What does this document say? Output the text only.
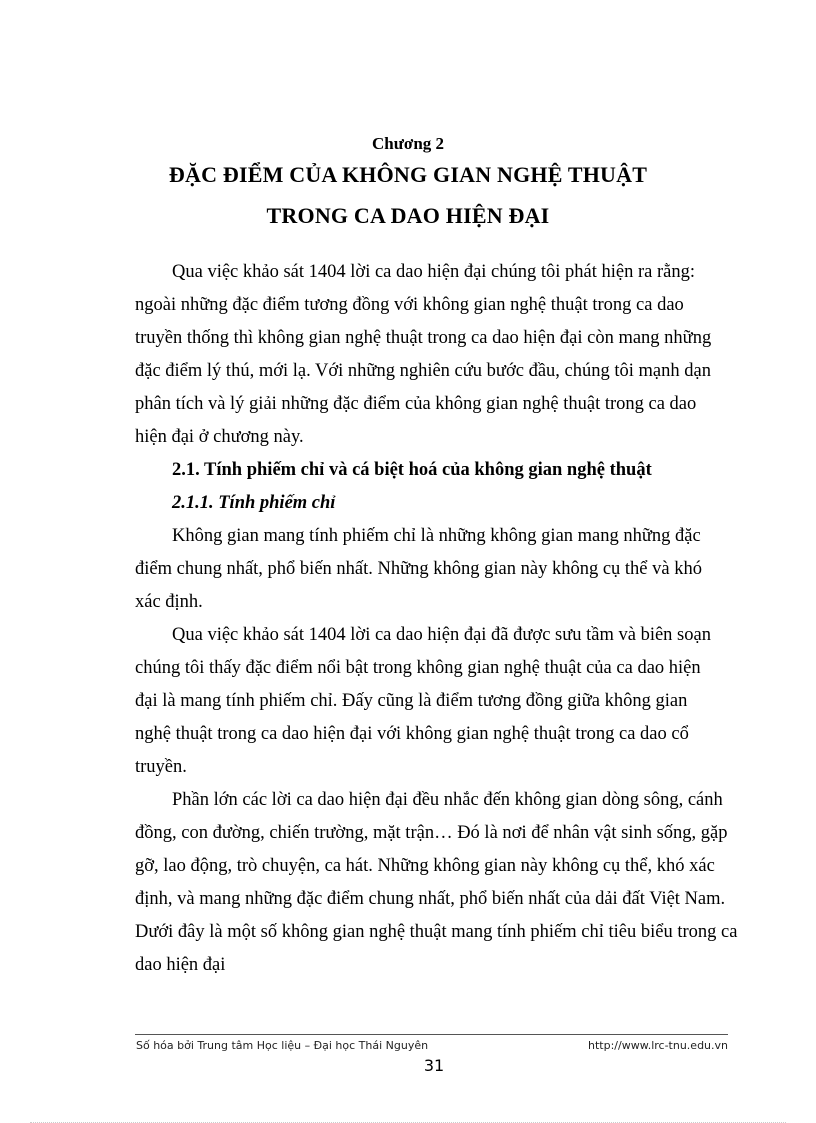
Chương 2
ĐẶC ĐIỂM CỦA KHÔNG GIAN NGHỆ THUẬT
TRONG CA DAO HIỆN ĐẠI
Qua việc khảo sát 1404 lời ca dao hiện đại chúng tôi phát hiện ra rằng:
ngoài những đặc điểm tương đồng với không gian nghệ thuật trong ca dao
truyền thống thì không gian nghệ thuật trong ca dao hiện đại còn mang những
đặc điểm lý thú, mới lạ. Với những nghiên cứu bước đầu, chúng tôi mạnh dạn
phân tích và lý giải những đặc điểm của không gian nghệ thuật trong ca dao
hiện đại ở chương này.
2.1. Tính phiếm chỉ và cá biệt hoá của không gian nghệ thuật
2.1.1. Tính phiếm chỉ
Không gian mang tính phiếm chỉ là những không gian mang những đặc
điểm chung nhất, phổ biến nhất. Những không gian này không cụ thể và khó
xác định.
Qua việc khảo sát 1404 lời ca dao hiện đại đã được sưu tầm và biên soạn
chúng tôi thấy đặc điểm nổi bật trong không gian nghệ thuật của ca dao hiện
đại là mang tính phiếm chỉ. Đấy cũng là điểm tương đồng giữa không gian
nghệ thuật trong ca dao hiện đại với không gian nghệ thuật trong ca dao cổ
truyền.
Phần lớn các lời ca dao hiện đại đều nhắc đến không gian dòng sông, cánh
đồng, con đường, chiến trường, mặt trận… Đó là nơi để nhân vật sinh sống, gặp
gỡ, lao động, trò chuyện, ca hát. Những không gian này không cụ thể, khó xác
định, và mang những đặc điểm chung nhất, phổ biến nhất của dải đất Việt Nam.
Dưới đây là một số không gian nghệ thuật mang tính phiếm chỉ tiêu biểu trong ca
dao hiện đại
Số hóa bởi Trung tâm Học liệu – Đại học Thái Nguyên	http://www.lrc-tnu.edu.vn
31
